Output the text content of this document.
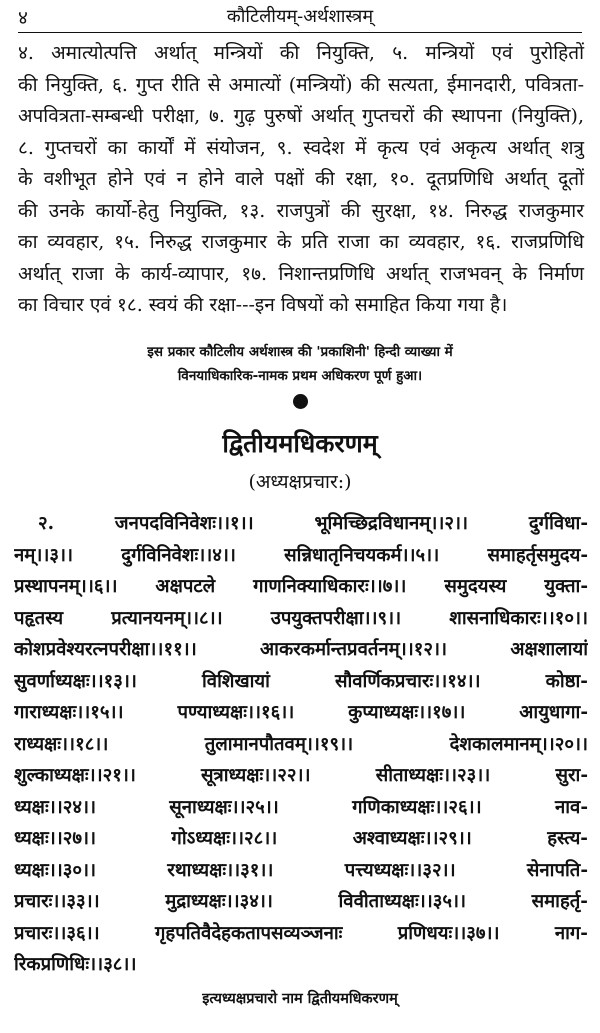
४	कौटिलीयम्-अर्थशास्त्रम्

४. अमात्योत्पत्ति अर्थात् मन्त्रियों की नियुक्ति, ५. मन्त्रियों एवं पुरोहितों

की नियुक्ति, ६. गुप्त रीति से अमात्यों (मन्त्रियों) की सत्यता, ईमानदारी, पवित्रता-

अपवित्रता-सम्बन्धी परीक्षा, ७. गुढ़ पुरुषों अर्थात् गुप्तचरों की स्थापना (नियुक्ति),

८. गुप्तचरों का कार्यों में संयोजन, ९. स्वदेश में कृत्य एवं अकृत्य अर्थात् शत्रु

के वशीभूत होने एवं न होने वाले पक्षों की रक्षा, १०. दूतप्रणिधि अर्थात् दूतों

की उनके कार्यो-हेतु नियुक्ति, १३. राजपुत्रों की सुरक्षा, १४. निरुद्ध राजकुमार

का व्यवहार, १५. निरुद्ध राजकुमार के प्रति राजा का व्यवहार, १६. राजप्रणिधि

अर्थात् राजा के कार्य-व्यापार, १७. निशान्तप्रणिधि अर्थात् राजभवन् के निर्माण

का विचार एवं १८. स्वयं की रक्षा---इन विषयों को समाहित किया गया है।

इस प्रकार कौटिलीय अर्थशास्त्र की 'प्रकाशिनी' हिन्दी व्याख्या में
विनयाधिकारिक-नामक प्रथम अधिकरण पूर्ण हुआ।
द्वितीयमधिकरणम्
(अध्यक्षप्रचार:)
२. जनपदविनिवेशः।।१।। भूमिच्छिद्रविधानम्।।२।। दुर्गविधा-
नम्।।३।। दुर्गविनिवेशः।।४।। सन्निधातृनिचयकर्म।।५।। समाहर्तृसमुदय-
प्रस्थापनम्।।६।। अक्षपटले गाणनिक्याधिकारः।।७।। समुदयस्य युक्ता-
पहृतस्य प्रत्यानयनम्।।८।। उपयुक्तपरीक्षा।।९।। शासनाधिकारः।।१०।।
कोशप्रवेश्यरत्नपरीक्षा।।११।। आकरकर्मान्तप्रवर्तनम्।।१२।। अक्षशालायां
सुवर्णाध्यक्षः।।१३।। विशिखायां सौवर्णिकप्रचारः।।१४।। कोष्ठा-
गाराध्यक्षः।।१५।। पण्याध्यक्षः।।१६।। कुप्याध्यक्षः।।१७।। आयुधागा-
राध्यक्षः।।१८।। तुलामानपौतवम्।।१९।। देशकालमानम्।।२०।।
शुल्काध्यक्षः।।२१।। सूत्राध्यक्षः।।२२।। सीताध्यक्षः।।२३।। सुरा-
ध्यक्षः।।२४।। सूनाध्यक्षः।।२५।। गणिकाध्यक्षः।।२६।। नाव-
ध्यक्षः।।२७।। गोऽध्यक्षः।।२८।। अश्वाध्यक्षः।।२९।। हस्त्य-
ध्यक्षः।।३०।। रथाध्यक्षः।।३१।। पत्त्यध्यक्षः।।३२।। सेनापति-
प्रचारः।।३३।। मुद्राध्यक्षः।।३४।। विवीताध्यक्षः।।३५।। समाहर्तृ-
प्रचारः।।३६।। गृहपतिवैदेहकतापसव्यञ्जनाः प्रणिधयः।।३७।। नाग-
रिकप्रणिधिः।।३८।।
इत्यध्यक्षप्रचारो नाम द्वितीयमधिकरणम्
